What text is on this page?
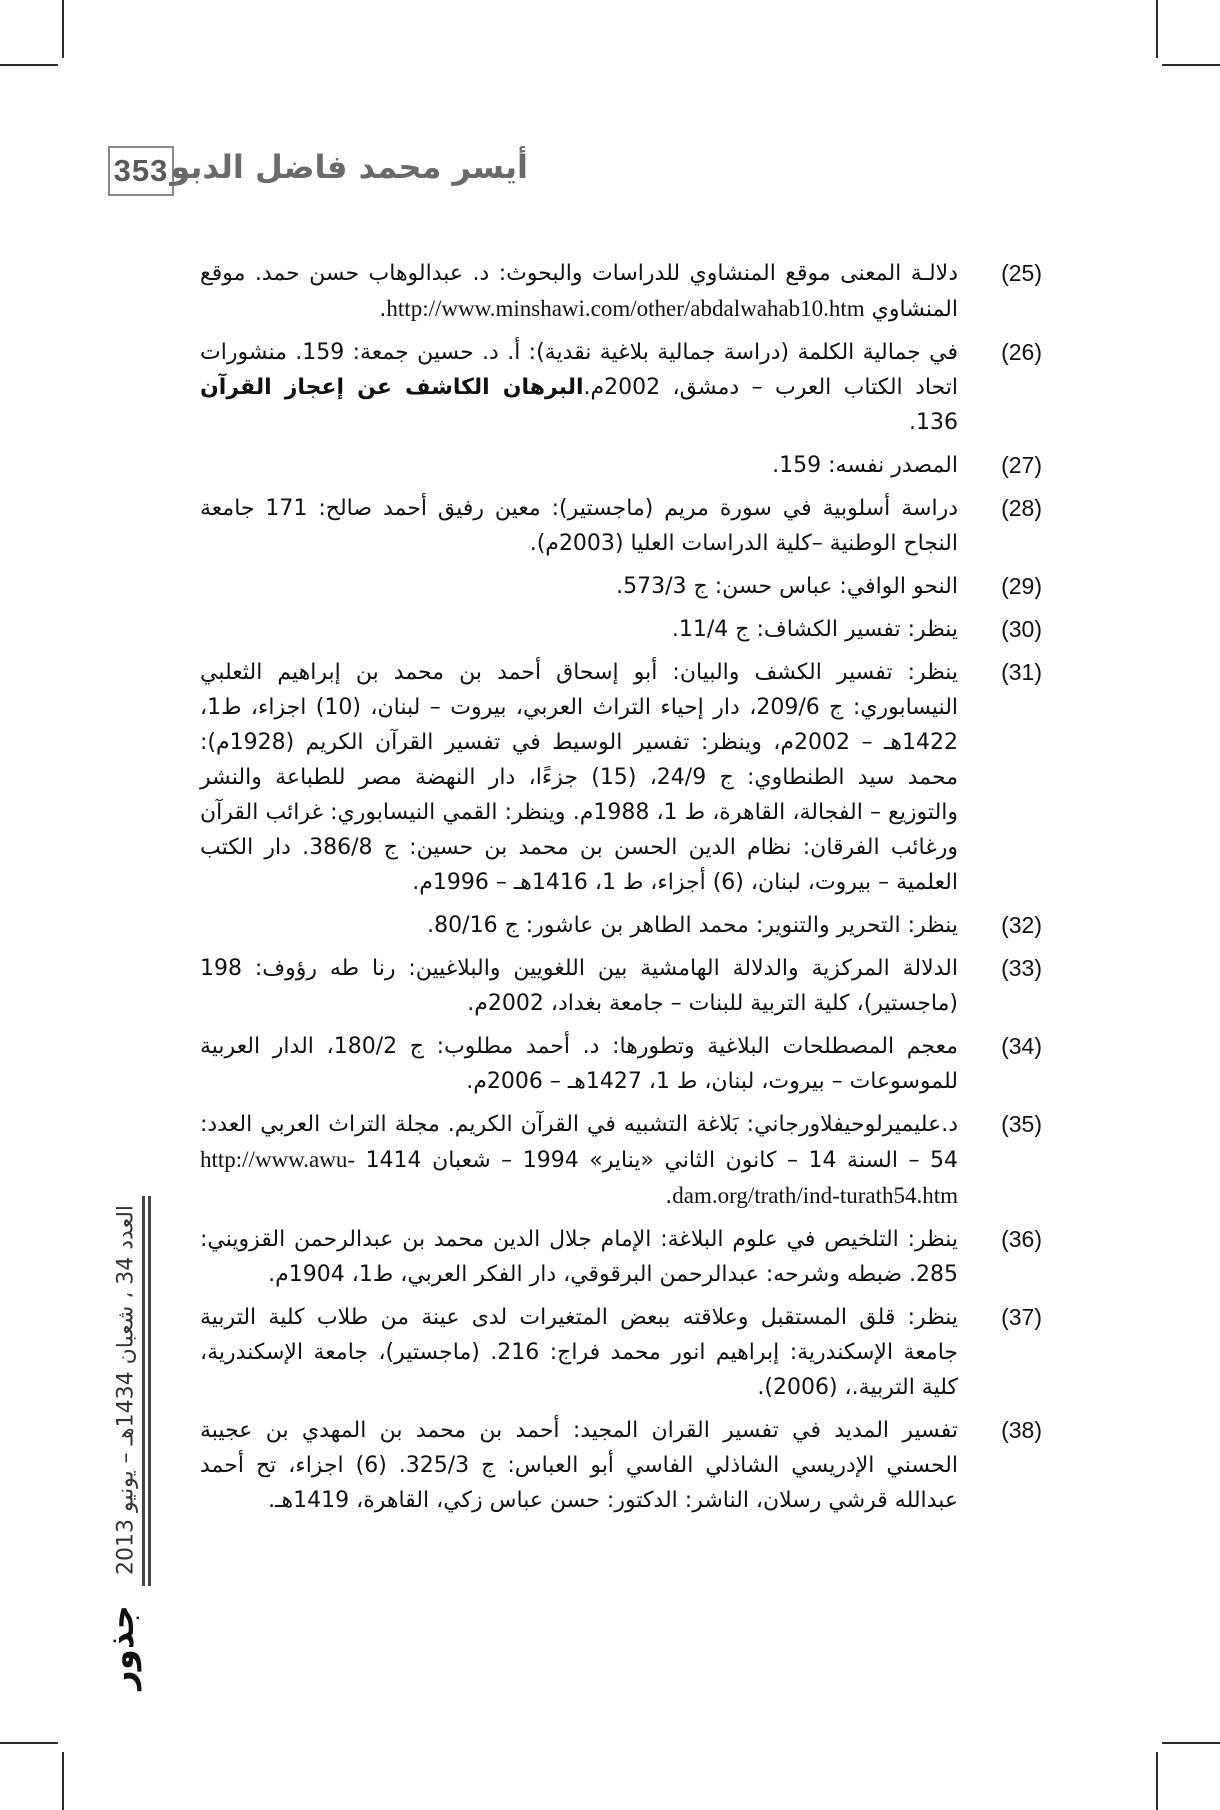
353 أيسر محمد فاضل الدبو
(25)
دلالـة المعنى موقع المنشاوي للدراسات والبحوث: د. عبدالوهاب حسن حمد. موقع المنشاوي http://www.minshawi.com/other/abdalwahab10.htm.
(26)
في جمالية الكلمة (دراسة جمالية بلاغية نقدية): أ. د. حسين جمعة: 159. منشورات اتحاد الكتاب العرب – دمشق، 2002م.البرهان الكاشف عن إعجاز القرآن 136.
(27)
المصدر نفسه: 159.
(28)
دراسة أسلوبية في سورة مريم (ماجستير): معين رفيق أحمد صالح: 171 جامعة النجاح الوطنية –كلية الدراسات العليا (2003م).
(29)
النحو الوافي: عباس حسن: ج 573/3.
(30)
ينظر: تفسير الكشاف: ج 11/4.
(31)
ينظر: تفسير الكشف والبيان: أبو إسحاق أحمد بن محمد بن إبراهيم الثعلبي النيسابوري: ج 209/6، دار إحياء التراث العربي، بيروت – لبنان، (10) اجزاء، ط1، 1422هـ – 2002م، وينظر: تفسير الوسيط في تفسير القرآن الكريم (1928م): محمد سيد الطنطاوي: ج 24/9، (15) جزءًا، دار النهضة مصر للطباعة والنشر والتوزيع – الفجالة، القاهرة، ط 1، 1988م. وينظر: القمي النيسابوري: غرائب القرآن ورغائب الفرقان: نظام الدين الحسن بن محمد بن حسين: ج 386/8. دار الكتب العلمية – بيروت، لبنان، (6) أجزاء، ط 1، 1416هـ – 1996م.
(32)
ينظر: التحرير والتنوير: محمد الطاهر بن عاشور: ج 80/16.
(33)
الدلالة المركزية والدلالة الهامشية بين اللغويين والبلاغيين: رنا طه رؤوف: 198 (ماجستير)، كلية التربية للبنات – جامعة بغداد، 2002م.
(34)
معجم المصطلحات البلاغية وتطورها: د. أحمد مطلوب: ج 180/2، الدار العربية للموسوعات – بيروت، لبنان، ط 1، 1427هـ – 2006م.
(35)
د.عليميرلوحيفلاورجاني: بَلاغة التشبيه في القرآن الكريم. مجلة التراث العربي العدد: 54 – السنة 14 – كانون الثاني «يناير» 1994 – شعبان 1414 http://www.awu-dam.org/trath/ind-turath54.htm.
(36)
ينظر: التلخيص في علوم البلاغة: الإمام جلال الدين محمد بن عبدالرحمن القزويني: 285. ضبطه وشرحه: عبدالرحمن البرقوقي، دار الفكر العربي، ط1، 1904م.
(37)
ينظر: قلق المستقبل وعلاقته ببعض المتغيرات لدى عينة من طلاب كلية التربية جامعة الإسكندرية: إبراهيم انور محمد فراج: 216. (ماجستير)، جامعة الإسكندرية، كلية التربية.، (2006).
(38)
تفسير المديد في تفسير القران المجيد: أحمد بن محمد بن المهدي بن عجيبة الحسني الإدريسي الشاذلي الفاسي أبو العباس: ج 325/3. (6) اجزاء، تح أحمد عبدالله قرشي رسلان، الناشر: الدكتور: حسن عباس زكي، القاهرة، 1419هـ.
العدد 34 ، شعبان 1434هـ – يونيو 2013
جذور
